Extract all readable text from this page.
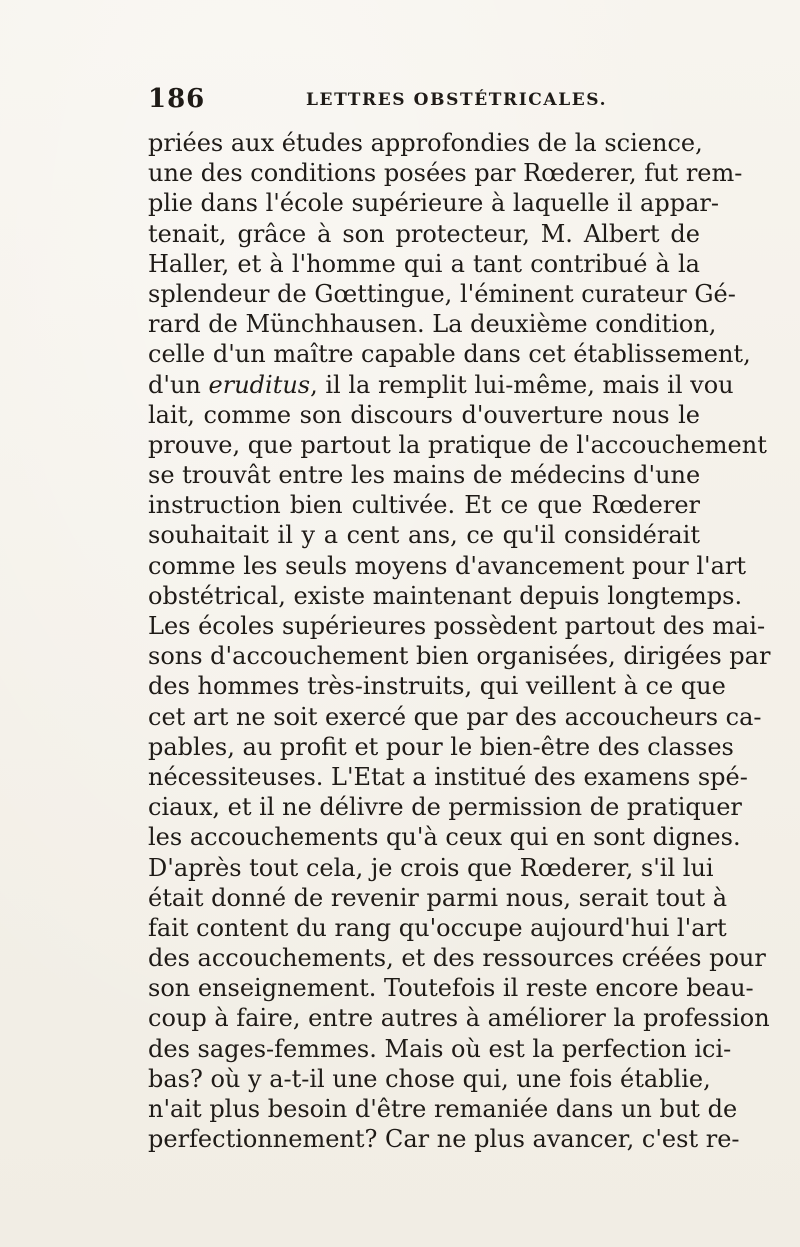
186	LETTRES OBSTÉTRICALES.
priées aux études approfondies de la science,
une des conditions posées par Rœderer, fut rem-
plie dans l'école supérieure à laquelle il appar-
tenait, grâce à son protecteur, M. Albert de
Haller, et à l'homme qui a tant contribué à la
splendeur de Gœttingue, l'éminent curateur Gé-
rard de Münchhausen. La deuxième condition,
celle d'un maître capable dans cet établissement,
d'un eruditus, il la remplit lui-même, mais il vou
lait, comme son discours d'ouverture nous le
prouve, que partout la pratique de l'accouchement
se trouvât entre les mains de médecins d'une
instruction bien cultivée. Et ce que Rœderer
souhaitait il y a cent ans, ce qu'il considérait
comme les seuls moyens d'avancement pour l'art
obstétrical, existe maintenant depuis longtemps.
Les écoles supérieures possèdent partout des mai-
sons d'accouchement bien organisées, dirigées par
des hommes très-instruits, qui veillent à ce que
cet art ne soit exercé que par des accoucheurs ca-
pables, au profit et pour le bien-être des classes
nécessiteuses. L'Etat a institué des examens spé-
ciaux, et il ne délivre de permission de pratiquer
les accouchements qu'à ceux qui en sont dignes.
D'après tout cela, je crois que Rœderer, s'il lui
était donné de revenir parmi nous, serait tout à
fait content du rang qu'occupe aujourd'hui l'art
des accouchements, et des ressources créées pour
son enseignement. Toutefois il reste encore beau-
coup à faire, entre autres à améliorer la profession
des sages-femmes. Mais où est la perfection ici-
bas? où y a-t-il une chose qui, une fois établie,
n'ait plus besoin d'être remaniée dans un but de
perfectionnement? Car ne plus avancer, c'est re-
